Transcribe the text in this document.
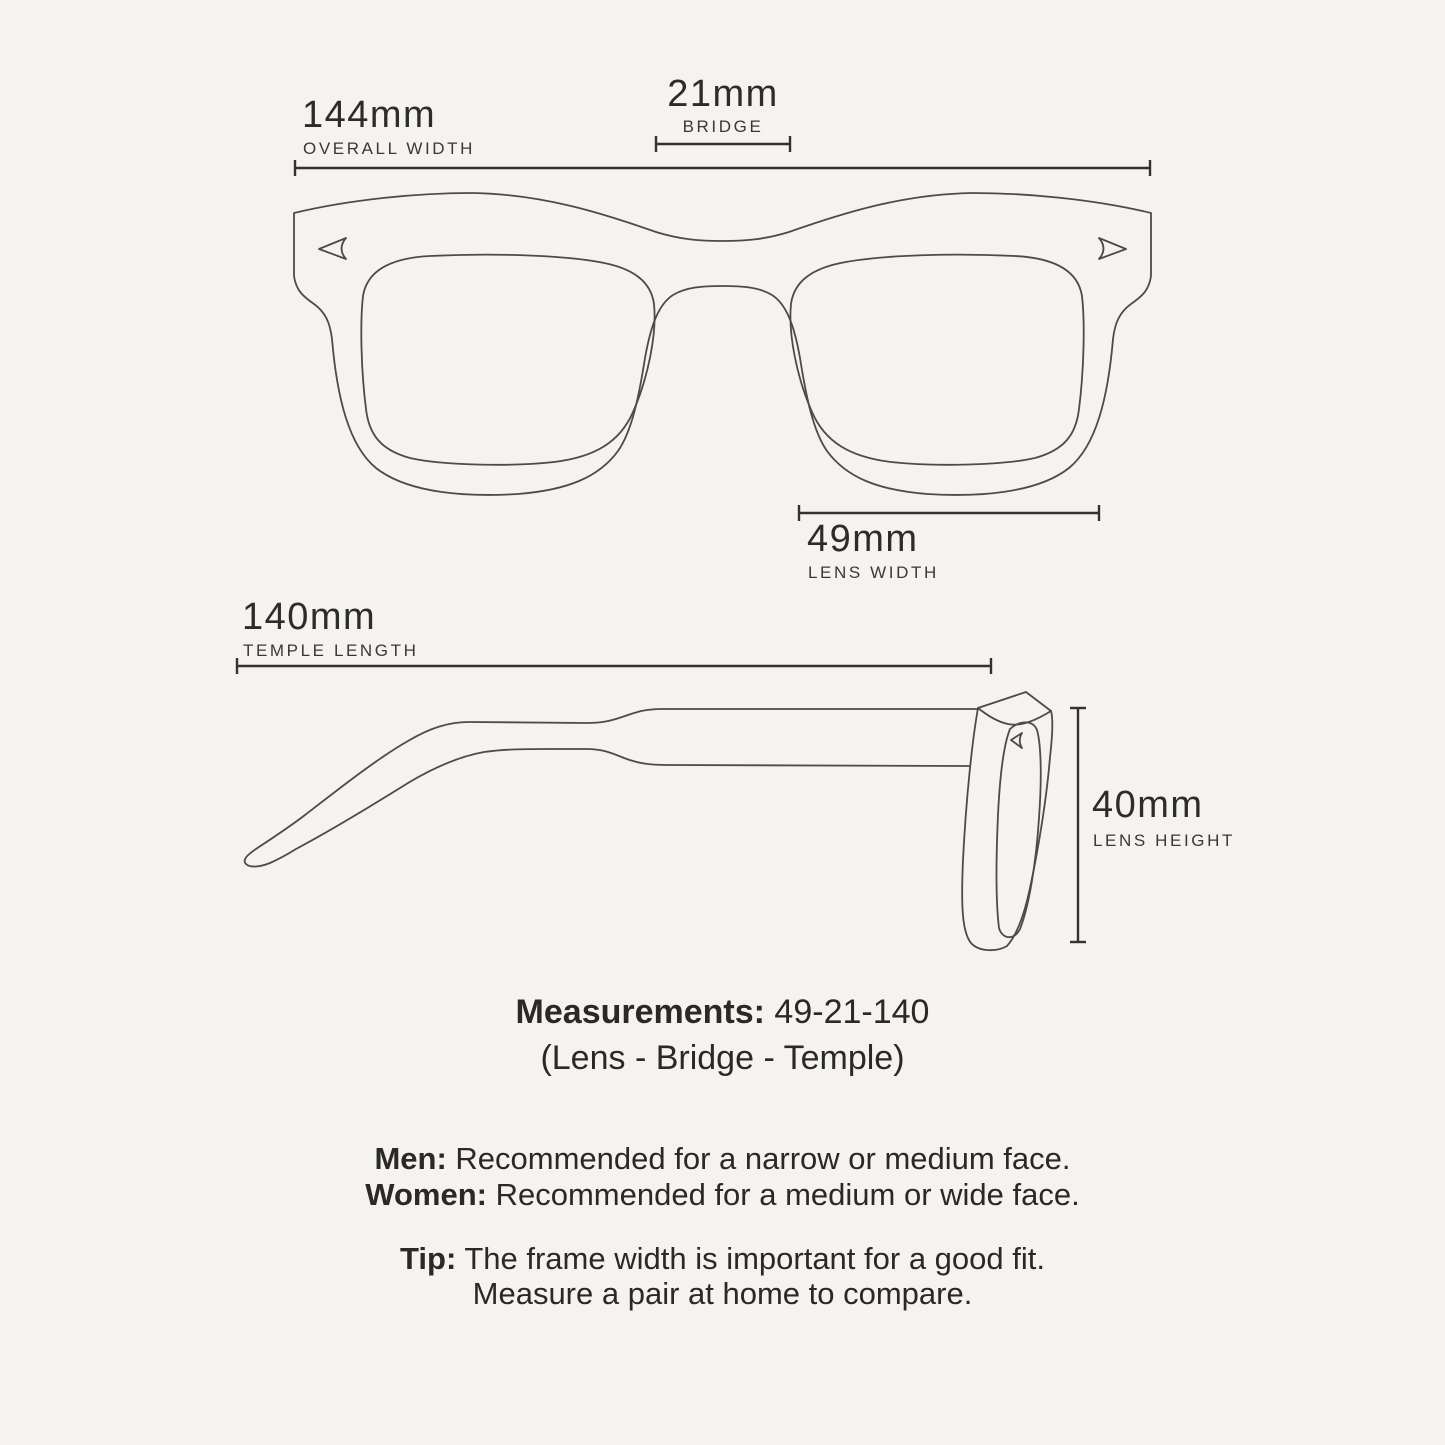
144mm
OVERALL WIDTH
21mm
BRIDGE
49mm
LENS WIDTH
140mm
TEMPLE LENGTH
40mm
LENS HEIGHT
Measurements: 49-21-140
(Lens - Bridge - Temple)
Men: Recommended for a narrow or medium face.
Women: Recommended for a medium or wide face.
Tip: The frame width is important for a good fit.
Measure a pair at home to compare.
